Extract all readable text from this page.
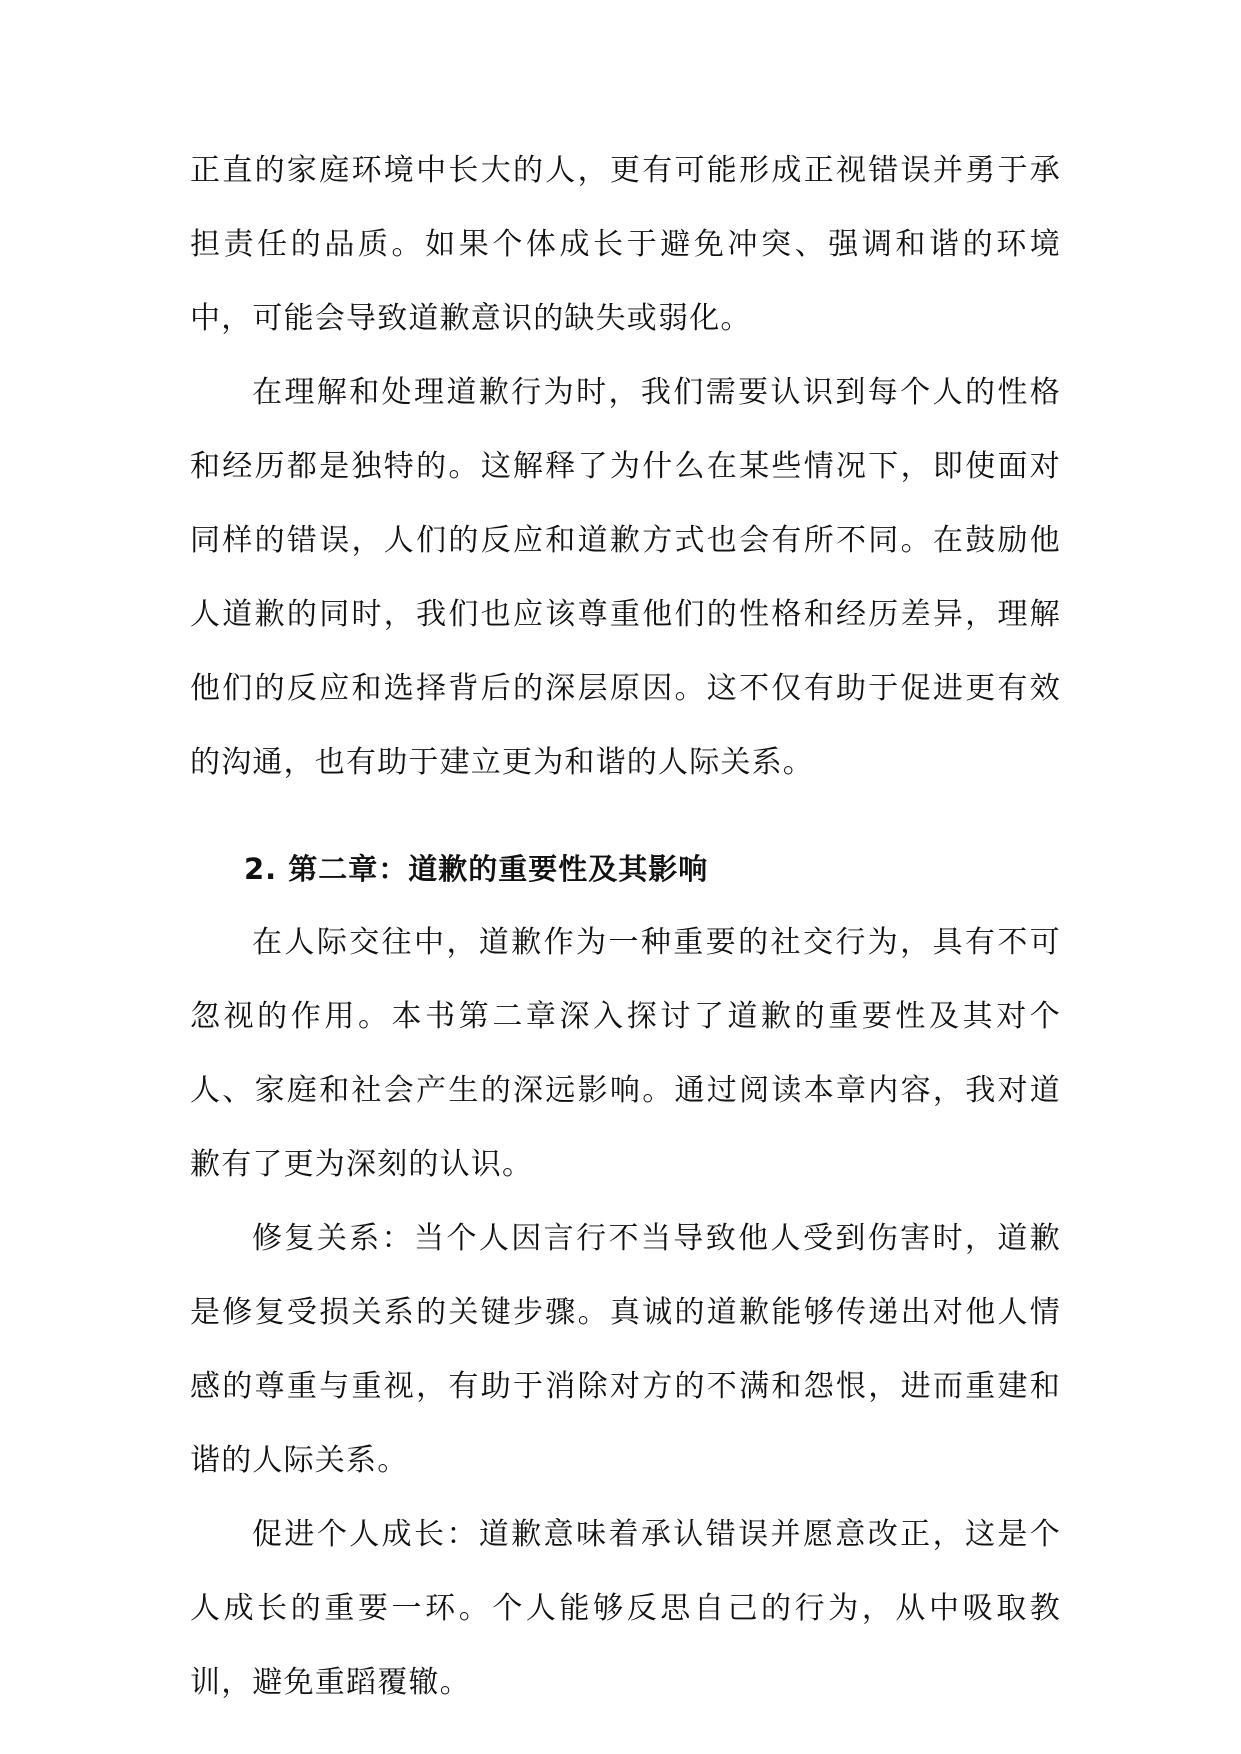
正直的家庭环境中长大的人，更有可能形成正视错误并勇于承担责任的品质。如果个体成长于避免冲突、强调和谐的环境中，可能会导致道歉意识的缺失或弱化。

在理解和处理道歉行为时，我们需要认识到每个人的性格和经历都是独特的。这解释了为什么在某些情况下，即使面对同样的错误，人们的反应和道歉方式也会有所不同。在鼓励他人道歉的同时，我们也应该尊重他们的性格和经历差异，理解他们的反应和选择背后的深层原因。这不仅有助于促进更有效的沟通，也有助于建立更为和谐的人际关系。

2. 第二章：道歉的重要性及其影响

在人际交往中，道歉作为一种重要的社交行为，具有不可忽视的作用。本书第二章深入探讨了道歉的重要性及其对个人、家庭和社会产生的深远影响。通过阅读本章内容，我对道歉有了更为深刻的认识。

修复关系：当个人因言行不当导致他人受到伤害时，道歉是修复受损关系的关键步骤。真诚的道歉能够传递出对他人情感的尊重与重视，有助于消除对方的不满和怨恨，进而重建和谐的人际关系。

促进个人成长：道歉意味着承认错误并愿意改正，这是个人成长的重要一环。个人能够反思自己的行为，从中吸取教训，避免重蹈覆辙。
